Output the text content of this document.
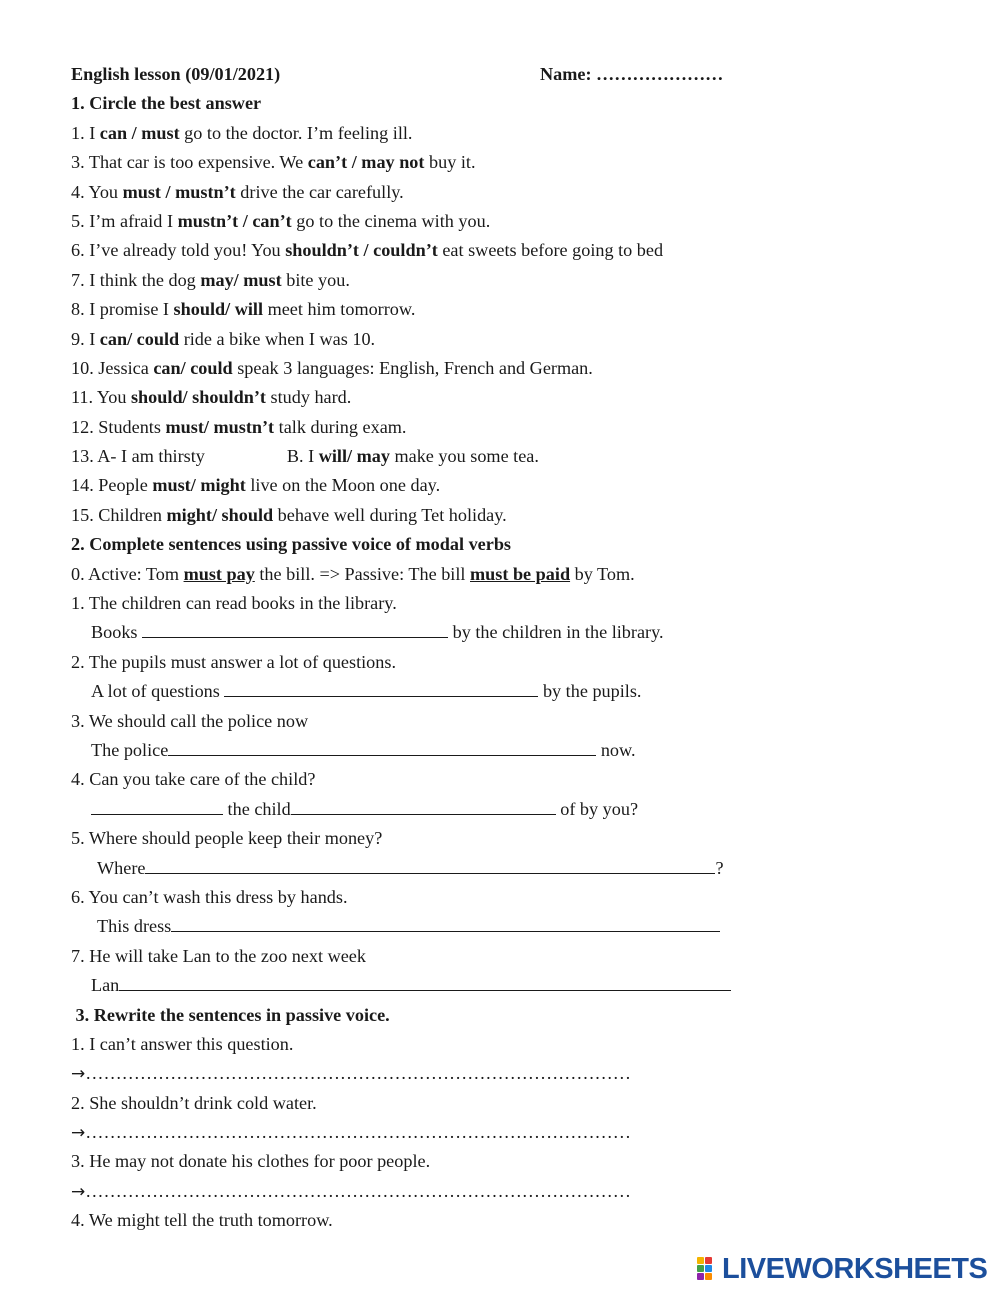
English lesson (09/01/2021)	Name: …………………
1. Circle the best answer
1. I can / must go to the doctor. I’m feeling ill.
3. That car is too expensive. We can’t / may not buy it.
4. You must / mustn’t drive the car carefully.
5. I’m afraid I mustn’t / can’t go to the cinema with you.
6. I’ve already told you! You shouldn’t / couldn’t eat sweets before going to bed
7. I think the dog may/ must bite you.
8. I promise I should/ will meet him tomorrow.
9. I can/ could ride a bike when I was 10.
10. Jessica can/ could speak 3 languages: English, French and German.
11. You should/ shouldn’t study hard.
12. Students must/ mustn’t talk during exam.
13. A- I am thirsty	B. I will/ may make you some tea.
14. People must/ might live on the Moon one day.
15. Children might/ should behave well during Tet holiday.
2. Complete sentences using passive voice of modal verbs
0. Active: Tom must pay the bill. => Passive: The bill must be paid by Tom.
1. The children can read books in the library.
Books	by the children in the library.
2. The pupils must answer a lot of questions.
A lot of questions	by the pupils.
3. We should call the police now
The police	now.
4. Can you take care of the child?
the child	of by you?
5. Where should people keep their money?
Where	?
6. You can’t wash this dress by hands.
This dress
7. He will take Lan to the zoo next week
Lan
3. Rewrite the sentences in passive voice.
1. I can’t answer this question.
→………………………………………………………………………………
2. She shouldn’t drink cold water.
→………………………………………………………………………………
3. He may not donate his clothes for poor people.
→………………………………………………………………………………
4. We might tell the truth tomorrow.
LIVEWORKSHEETS
